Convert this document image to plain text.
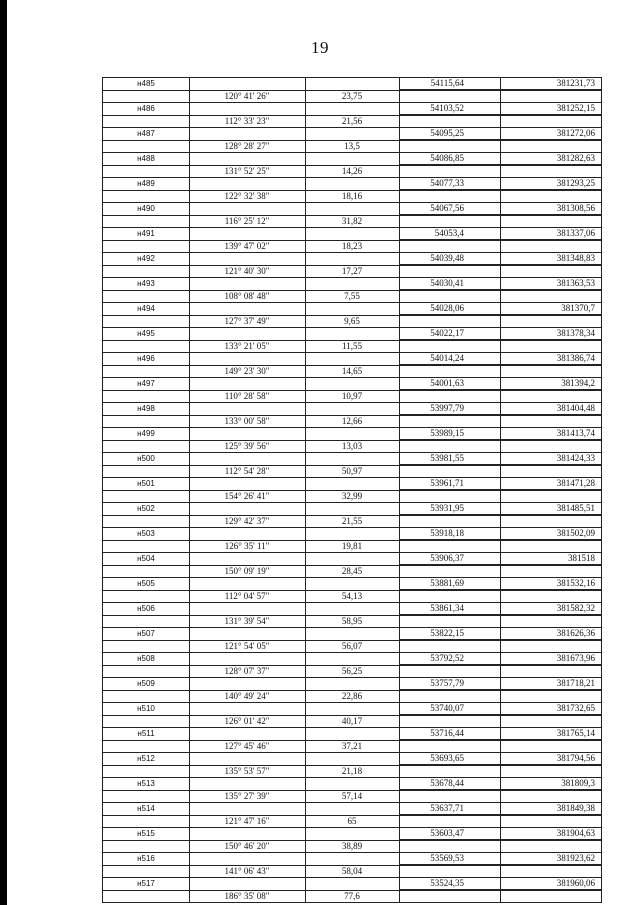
19
н485	54115,64	381231,73
120° 41' 26"	23,75
н486	54103,52	381252,15
112° 33' 23"	21,56
н487	54095,25	381272,06
128° 28' 27"	13,5
н488	54086,85	381282,63
131° 52' 25"	14,26
н489	54077,33	381293,25
122° 32' 38"	18,16
н490	54067,56	381308,56
116° 25' 12"	31,82
н491	54053,4	381337,06
139° 47' 02"	18,23
н492	54039,48	381348,83
121° 40' 30"	17,27
н493	54030,41	381363,53
108° 08' 48"	7,55
н494	54028,06	381370,7
127° 37' 49"	9,65
н495	54022,17	381378,34
133° 21' 05"	11,55
н496	54014,24	381386,74
149° 23' 30"	14,65
н497	54001,63	381394,2
110° 28' 58"	10,97
н498	53997,79	381404,48
133° 00' 58"	12,66
н499	53989,15	381413,74
125° 39' 56"	13,03
н500	53981,55	381424,33
112° 54' 28"	50,97
н501	53961,71	381471,28
154° 26' 41"	32,99
н502	53931,95	381485,51
129° 42' 37"	21,55
н503	53918,18	381502,09
126° 35' 11"	19,81
н504	53906,37	381518
150° 09' 19"	28,45
н505	53881,69	381532,16
112° 04' 57"	54,13
н506	53861,34	381582,32
131° 39' 54"	58,95
н507	53822,15	381626,36
121° 54' 05"	56,07
н508	53792,52	381673,96
128° 07' 37"	56,25
н509	53757,79	381718,21
140° 49' 24"	22,86
н510	53740,07	381732,65
126° 01' 42"	40,17
н511	53716,44	381765,14
127° 45' 46"	37,21
н512	53693,65	381794,56
135° 53' 57"	21,18
н513	53678,44	381809,3
135° 27' 39"	57,14
н514	53637,71	381849,38
121° 47' 16"	65
н515	53603,47	381904,63
150° 46' 20"	38,89
н516	53569,53	381923,62
141° 06' 43"	58,04
н517	53524,35	381960,06
186° 35' 08"	77,6
